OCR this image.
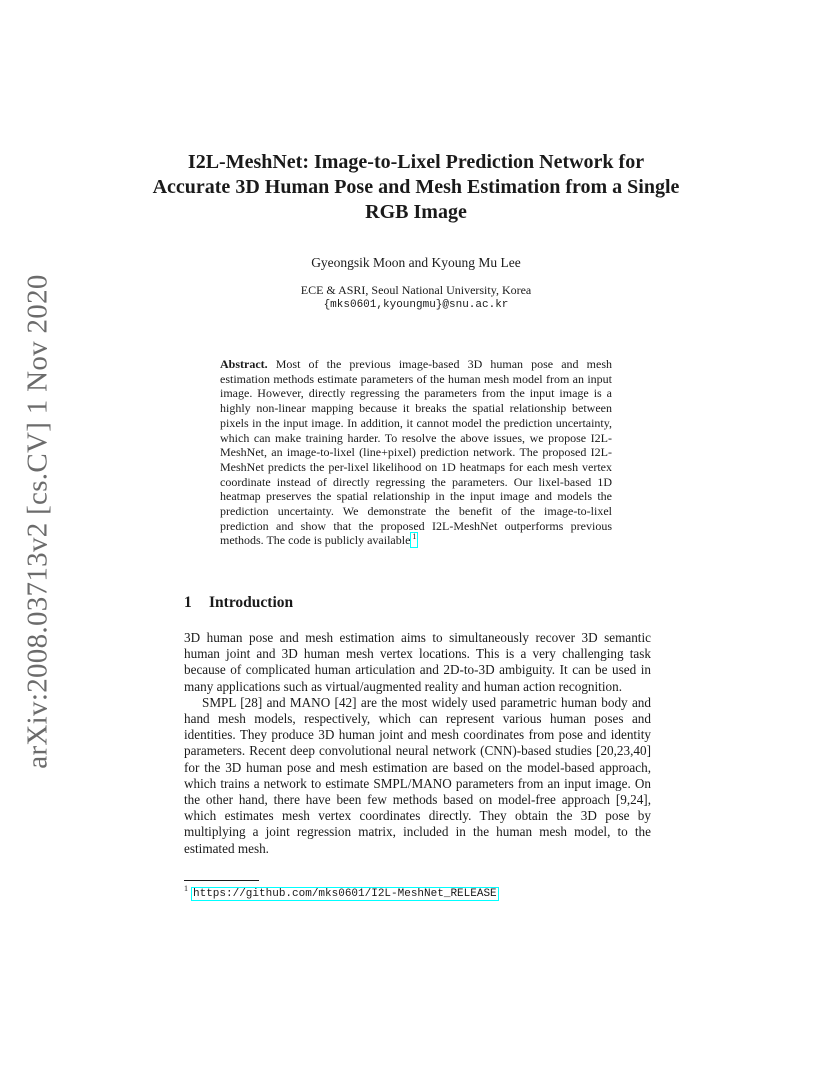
arXiv:2008.03713v2 [cs.CV] 1 Nov 2020
I2L-MeshNet: Image-to-Lixel Prediction Network for Accurate 3D Human Pose and Mesh Estimation from a Single RGB Image
Gyeongsik Moon and Kyoung Mu Lee
ECE & ASRI, Seoul National University, Korea
{mks0601,kyoungmu}@snu.ac.kr
Abstract. Most of the previous image-based 3D human pose and mesh estimation methods estimate parameters of the human mesh model from an input image. However, directly regressing the parameters from the input image is a highly non-linear mapping because it breaks the spatial relationship between pixels in the input image. In addition, it cannot model the prediction uncertainty, which can make training harder. To resolve the above issues, we propose I2L-MeshNet, an image-to-lixel (line+pixel) prediction network. The proposed I2L-MeshNet predicts the per-lixel likelihood on 1D heatmaps for each mesh vertex coordinate instead of directly regressing the parameters. Our lixel-based 1D heatmap preserves the spatial relationship in the input image and models the prediction uncertainty. We demonstrate the benefit of the image-to-lixel prediction and show that the proposed I2L-MeshNet outperforms previous methods. The code is publicly available $^1$
1 Introduction

3D human pose and mesh estimation aims to simultaneously recover 3D semantic human joint and 3D human mesh vertex locations. This is a very challenging task because of complicated human articulation and 2D-to-3D ambiguity. It can be used in many applications such as virtual/augmented reality and human action recognition.

SMPL [28] and MANO [42] are the most widely used parametric human body and hand mesh models, respectively, which can represent various human poses and identities. They produce 3D human joint and mesh coordinates from pose and identity parameters. Recent deep convolutional neural network (CNN)-based studies [20,23,40] for the 3D human pose and mesh estimation are based on the model-based approach, which trains a network to estimate SMPL/MANO parameters from an input image. On the other hand, there have been few methods based on model-free approach [9,24], which estimates mesh vertex coordinates directly. They obtain the 3D pose by multiplying a joint regression matrix, included in the human mesh model, to the estimated mesh.

$^1$ https://github.com/mks0601/I2L-MeshNet_RELEASE
